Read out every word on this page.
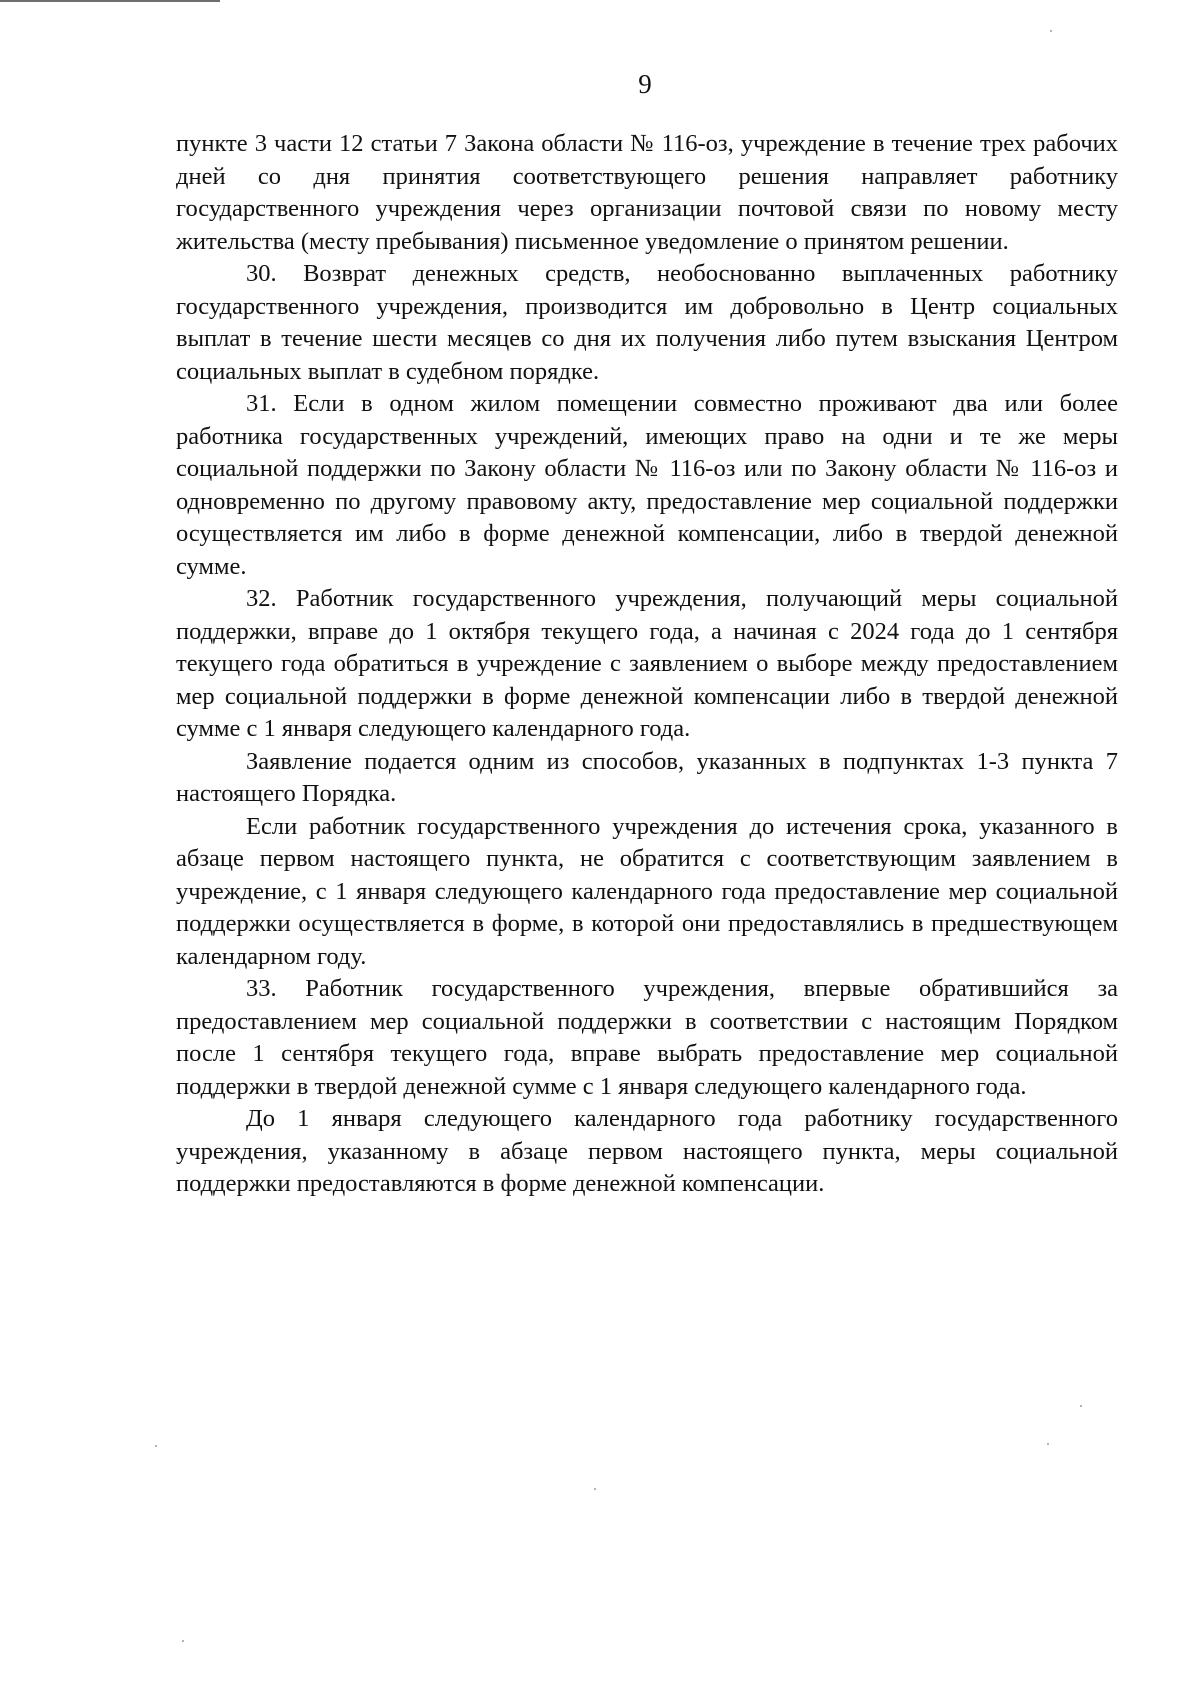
9

пункте 3 части 12 статьи 7 Закона области № 116-оз, учреждение в течение трех рабочих дней со дня принятия соответствующего решения направляет работнику государственного учреждения через организации почтовой связи по новому месту жительства (месту пребывания) письменное уведомление о принятом решении.

30. Возврат денежных средств, необоснованно выплаченных работнику государственного учреждения, производится им добровольно в Центр социальных выплат в течение шести месяцев со дня их получения либо путем взыскания Центром социальных выплат в судебном порядке.

31. Если в одном жилом помещении совместно проживают два или более работника государственных учреждений, имеющих право на одни и те же меры социальной поддержки по Закону области № 116-оз или по Закону области № 116-оз и одновременно по другому правовому акту, предоставление мер социальной поддержки осуществляется им либо в форме денежной компенсации, либо в твердой денежной сумме.

32. Работник государственного учреждения, получающий меры социальной поддержки, вправе до 1 октября текущего года, а начиная с 2024 года до 1 сентября текущего года обратиться в учреждение с заявлением о выборе между предоставлением мер социальной поддержки в форме денежной компенсации либо в твердой денежной сумме с 1 января следующего календарного года.

Заявление подается одним из способов, указанных в подпунктах 1-3 пункта 7 настоящего Порядка.

Если работник государственного учреждения до истечения срока, указанного в абзаце первом настоящего пункта, не обратится с соответствующим заявлением в учреждение, с 1 января следующего календарного года предоставление мер социальной поддержки осуществляется в форме, в которой они предоставлялись в предшествующем календарном году.

33. Работник государственного учреждения, впервые обратившийся за предоставлением мер социальной поддержки в соответствии с настоящим Порядком после 1 сентября текущего года, вправе выбрать предоставление мер социальной поддержки в твердой денежной сумме с 1 января следующего календарного года.

До 1 января следующего календарного года работнику государственного учреждения, указанному в абзаце первом настоящего пункта, меры социальной поддержки предоставляются в форме денежной компенсации.
